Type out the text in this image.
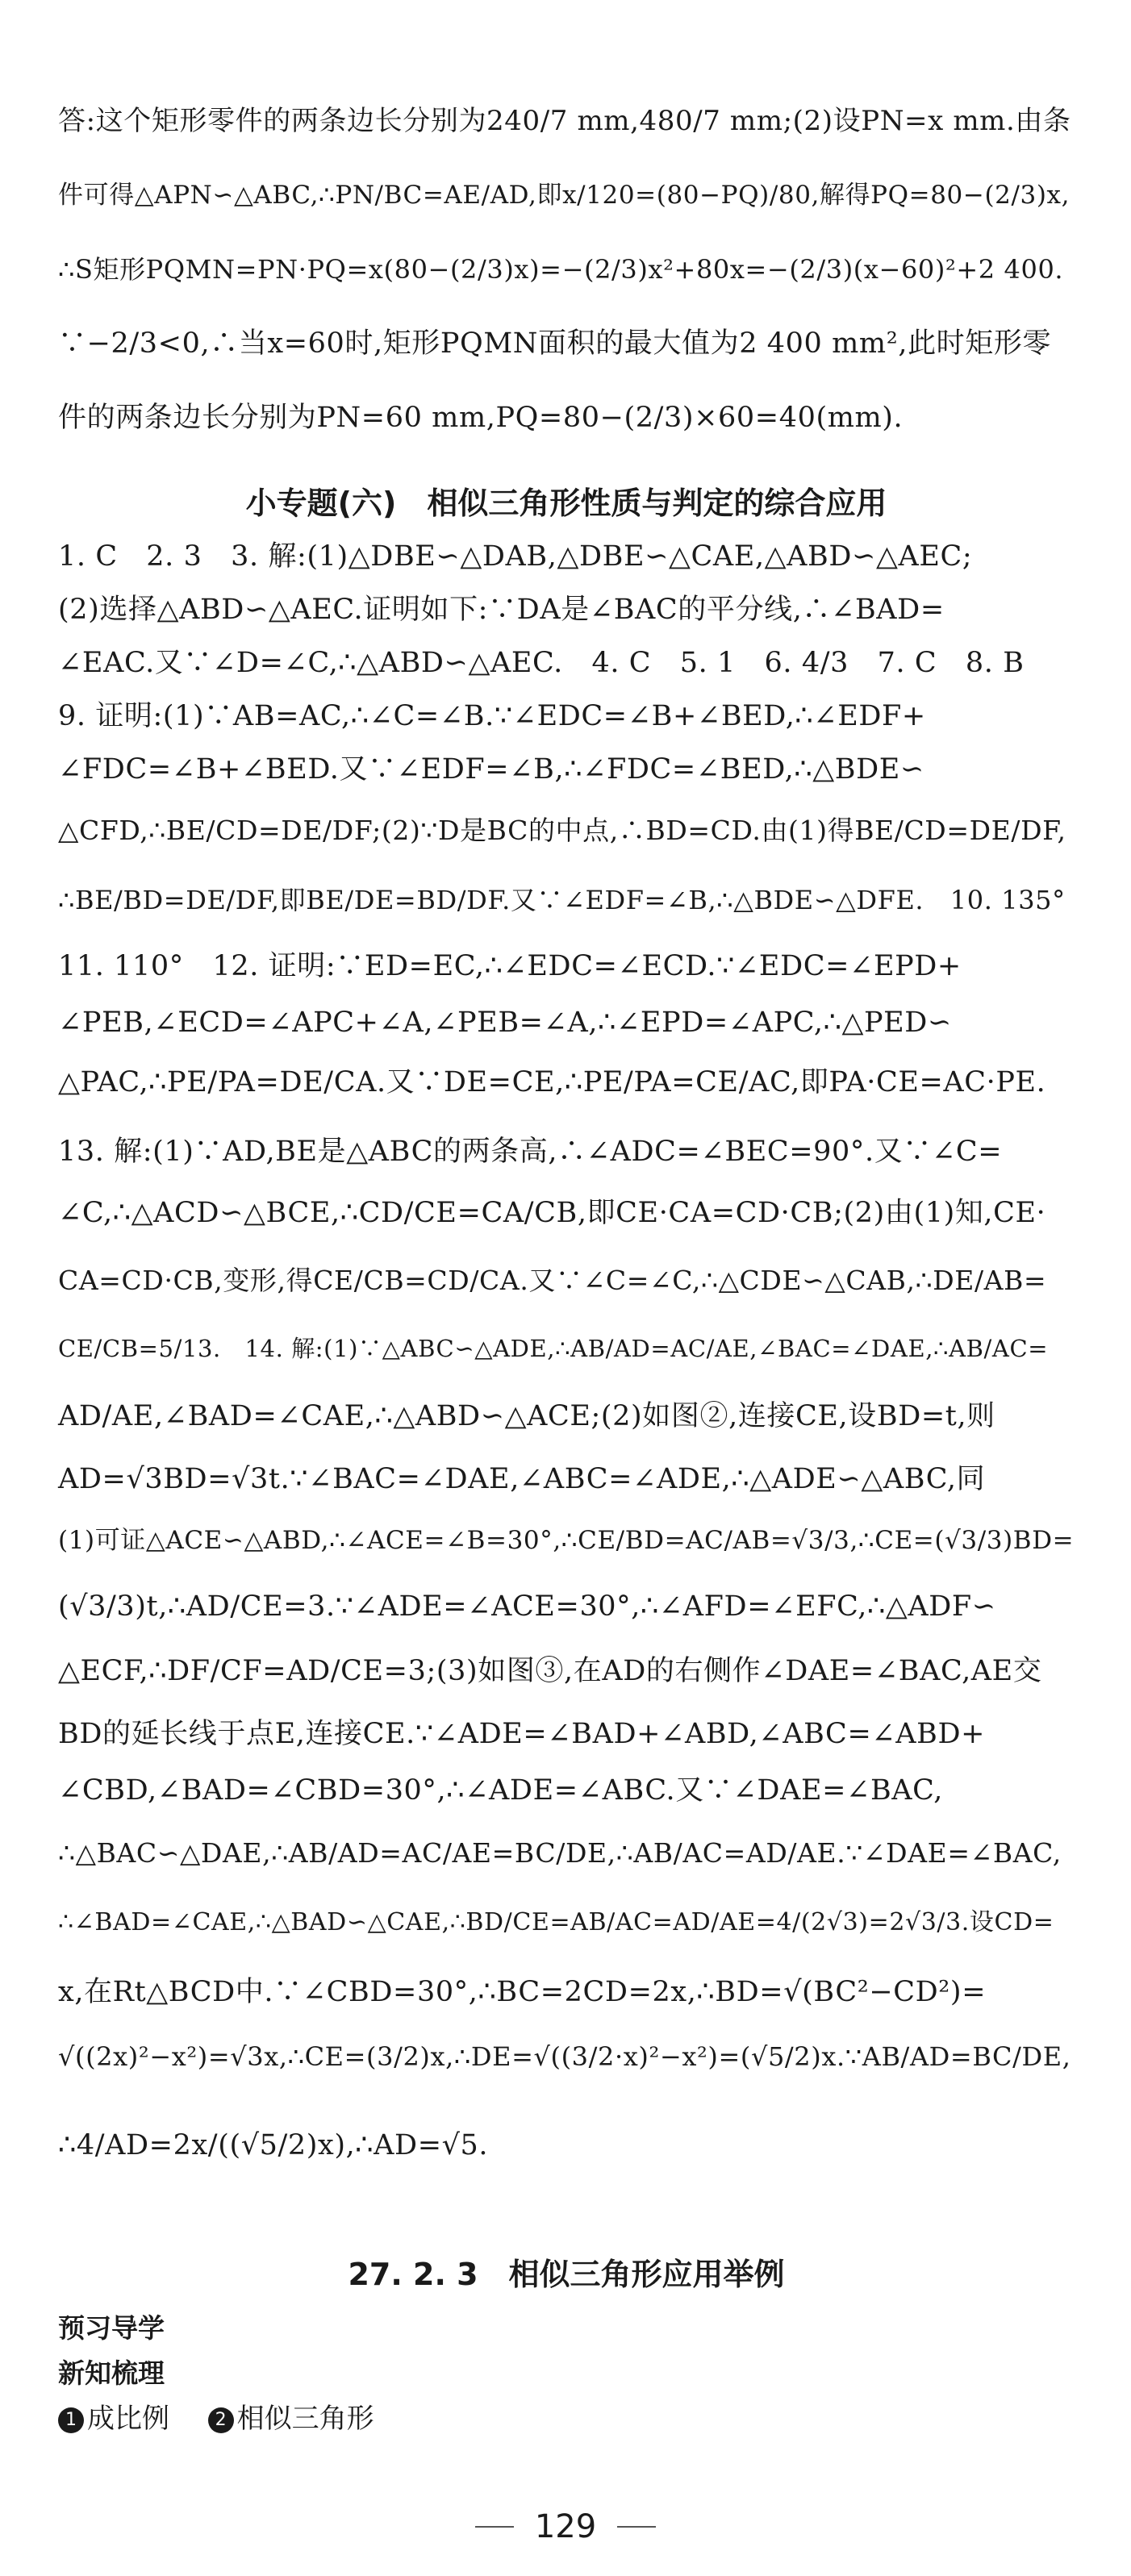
答:这个矩形零件的两条边长分别为240/7 mm,480/7 mm;(2)设PN=x mm.由条
件可得△APN∽△ABC,∴PN/BC=AE/AD,即x/120=(80−PQ)/80,解得PQ=80−(2/3)x,
∴S矩形PQMN=PN·PQ=x(80−(2/3)x)=−(2/3)x²+80x=−(2/3)(x−60)²+2 400.
∵−2/3<0,∴当x=60时,矩形PQMN面积的最大值为2 400 mm²,此时矩形零
件的两条边长分别为PN=60 mm,PQ=80−(2/3)×60=40(mm).
小专题(六)　相似三角形性质与判定的综合应用
1. C　2. 3　3. 解:(1)△DBE∽△DAB,△DBE∽△CAE,△ABD∽△AEC;
(2)选择△ABD∽△AEC.证明如下:∵DA是∠BAC的平分线,∴∠BAD=
∠EAC.又∵∠D=∠C,∴△ABD∽△AEC.　4. C　5. 1　6. 4/3　7. C　8. B
9. 证明:(1)∵AB=AC,∴∠C=∠B.∵∠EDC=∠B+∠BED,∴∠EDF+
∠FDC=∠B+∠BED.又∵∠EDF=∠B,∴∠FDC=∠BED,∴△BDE∽
△CFD,∴BE/CD=DE/DF;(2)∵D是BC的中点,∴BD=CD.由(1)得BE/CD=DE/DF,
∴BE/BD=DE/DF,即BE/DE=BD/DF.又∵∠EDF=∠B,∴△BDE∽△DFE.　10. 135°
11. 110°　12. 证明:∵ED=EC,∴∠EDC=∠ECD.∵∠EDC=∠EPD+
∠PEB,∠ECD=∠APC+∠A,∠PEB=∠A,∴∠EPD=∠APC,∴△PED∽
△PAC,∴PE/PA=DE/CA.又∵DE=CE,∴PE/PA=CE/AC,即PA·CE=AC·PE.
13. 解:(1)∵AD,BE是△ABC的两条高,∴∠ADC=∠BEC=90°.又∵∠C=
∠C,∴△ACD∽△BCE,∴CD/CE=CA/CB,即CE·CA=CD·CB;(2)由(1)知,CE·
CA=CD·CB,变形,得CE/CB=CD/CA.又∵∠C=∠C,∴△CDE∽△CAB,∴DE/AB=
CE/CB=5/13.　14. 解:(1)∵△ABC∽△ADE,∴AB/AD=AC/AE,∠BAC=∠DAE,∴AB/AC=
AD/AE,∠BAD=∠CAE,∴△ABD∽△ACE;(2)如图②,连接CE,设BD=t,则
AD=√3BD=√3t.∵∠BAC=∠DAE,∠ABC=∠ADE,∴△ADE∽△ABC,同
(1)可证△ACE∽△ABD,∴∠ACE=∠B=30°,∴CE/BD=AC/AB=√3/3,∴CE=(√3/3)BD=
(√3/3)t,∴AD/CE=3.∵∠ADE=∠ACE=30°,∴∠AFD=∠EFC,∴△ADF∽
△ECF,∴DF/CF=AD/CE=3;(3)如图③,在AD的右侧作∠DAE=∠BAC,AE交
BD的延长线于点E,连接CE.∵∠ADE=∠BAD+∠ABD,∠ABC=∠ABD+
∠CBD,∠BAD=∠CBD=30°,∴∠ADE=∠ABC.又∵∠DAE=∠BAC,
∴△BAC∽△DAE,∴AB/AD=AC/AE=BC/DE,∴AB/AC=AD/AE.∵∠DAE=∠BAC,
∴∠BAD=∠CAE,∴△BAD∽△CAE,∴BD/CE=AB/AC=AD/AE=4/(2√3)=2√3/3.设CD=
x,在Rt△BCD中.∵∠CBD=30°,∴BC=2CD=2x,∴BD=√(BC²−CD²)=
√((2x)²−x²)=√3x,∴CE=(3/2)x,∴DE=√((3/2·x)²−x²)=(√5/2)x.∵AB/AD=BC/DE,
∴4/AD=2x/((√5/2)x),∴AD=√5.
27. 2. 3　相似三角形应用举例
预习导学
新知梳理
1 成比例	2 相似三角形
129
